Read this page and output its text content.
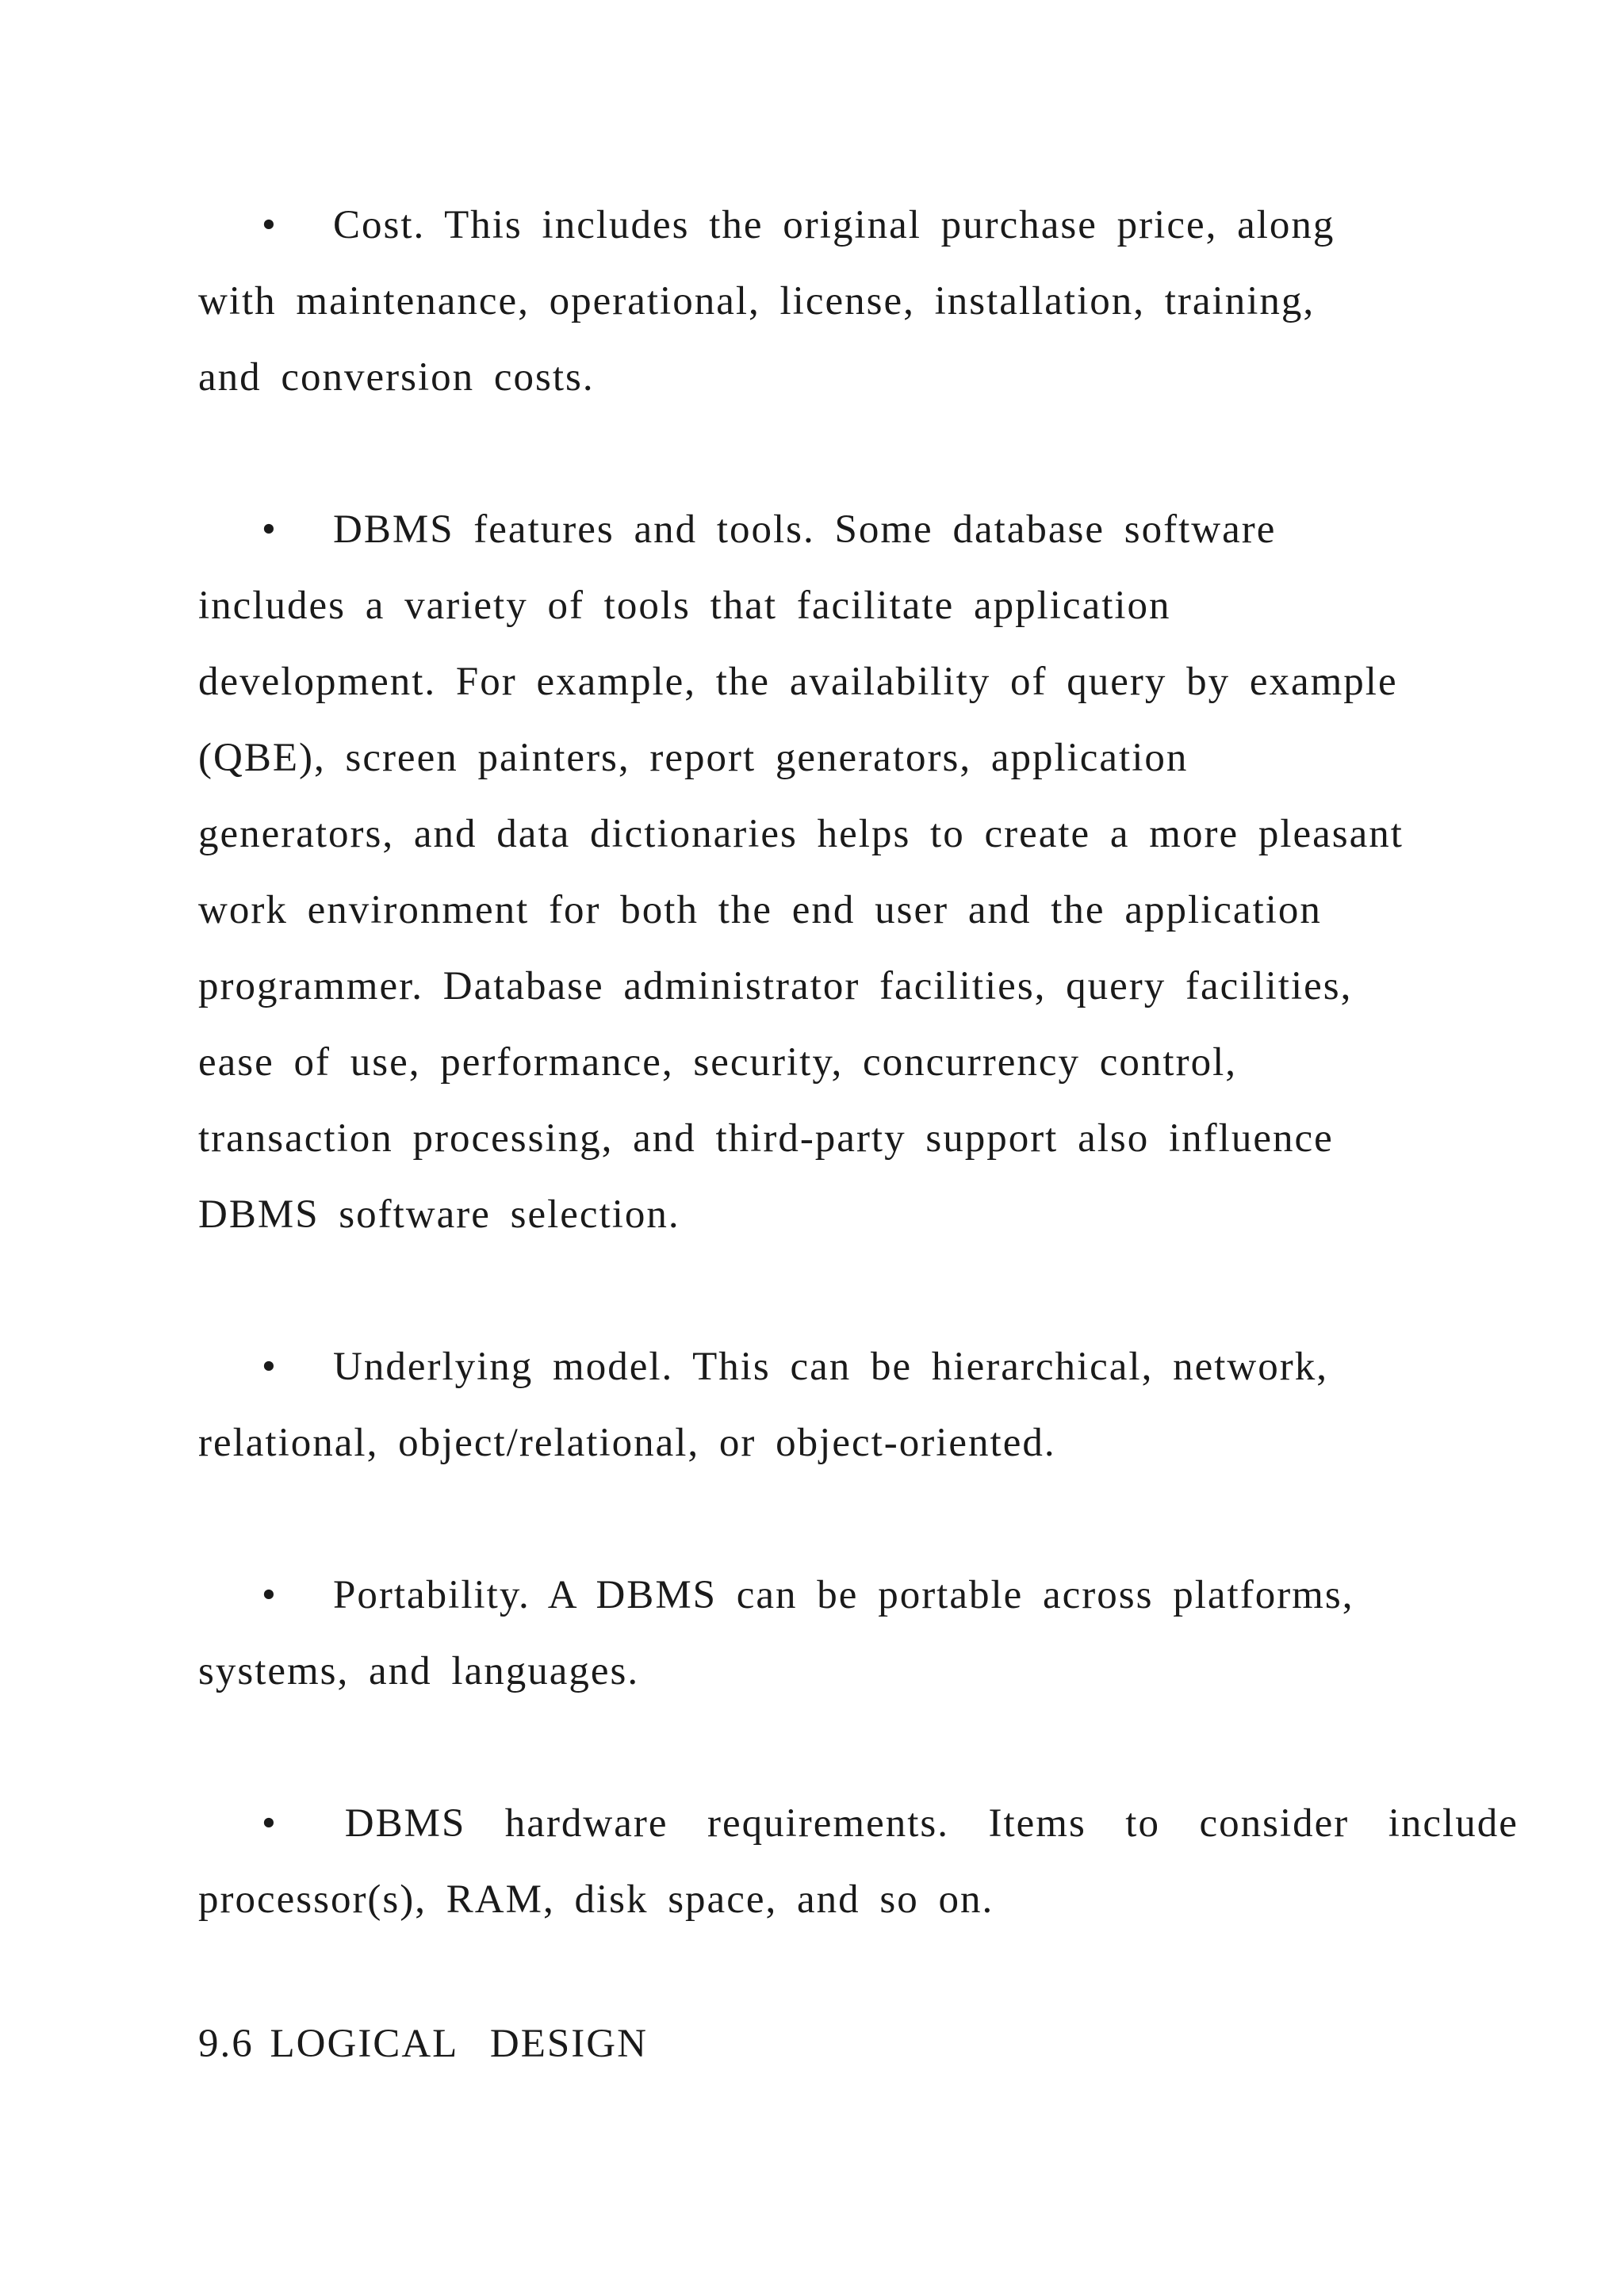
• Cost. This includes the original purchase price, along
with maintenance, operational, license, installation, training,
and conversion costs.
• DBMS features and tools. Some database software
includes a variety of tools that facilitate application
development. For example, the availability of query by example
(QBE), screen painters, report generators, application
generators, and data dictionaries helps to create a more pleasant
work environment for both the end user and the application
programmer. Database administrator facilities, query facilities,
ease of use, performance, security, concurrency control,
transaction processing, and third-party support also influence
DBMS software selection.
• Underlying model. This can be hierarchical, network,
relational, object/relational, or object-oriented.
• Portability. A DBMS can be portable across platforms,
systems, and languages.
• DBMS  hardware  requirements.  Items  to  consider  include
processor(s), RAM, disk space, and so on.
9.6 LOGICAL  DESIGN
